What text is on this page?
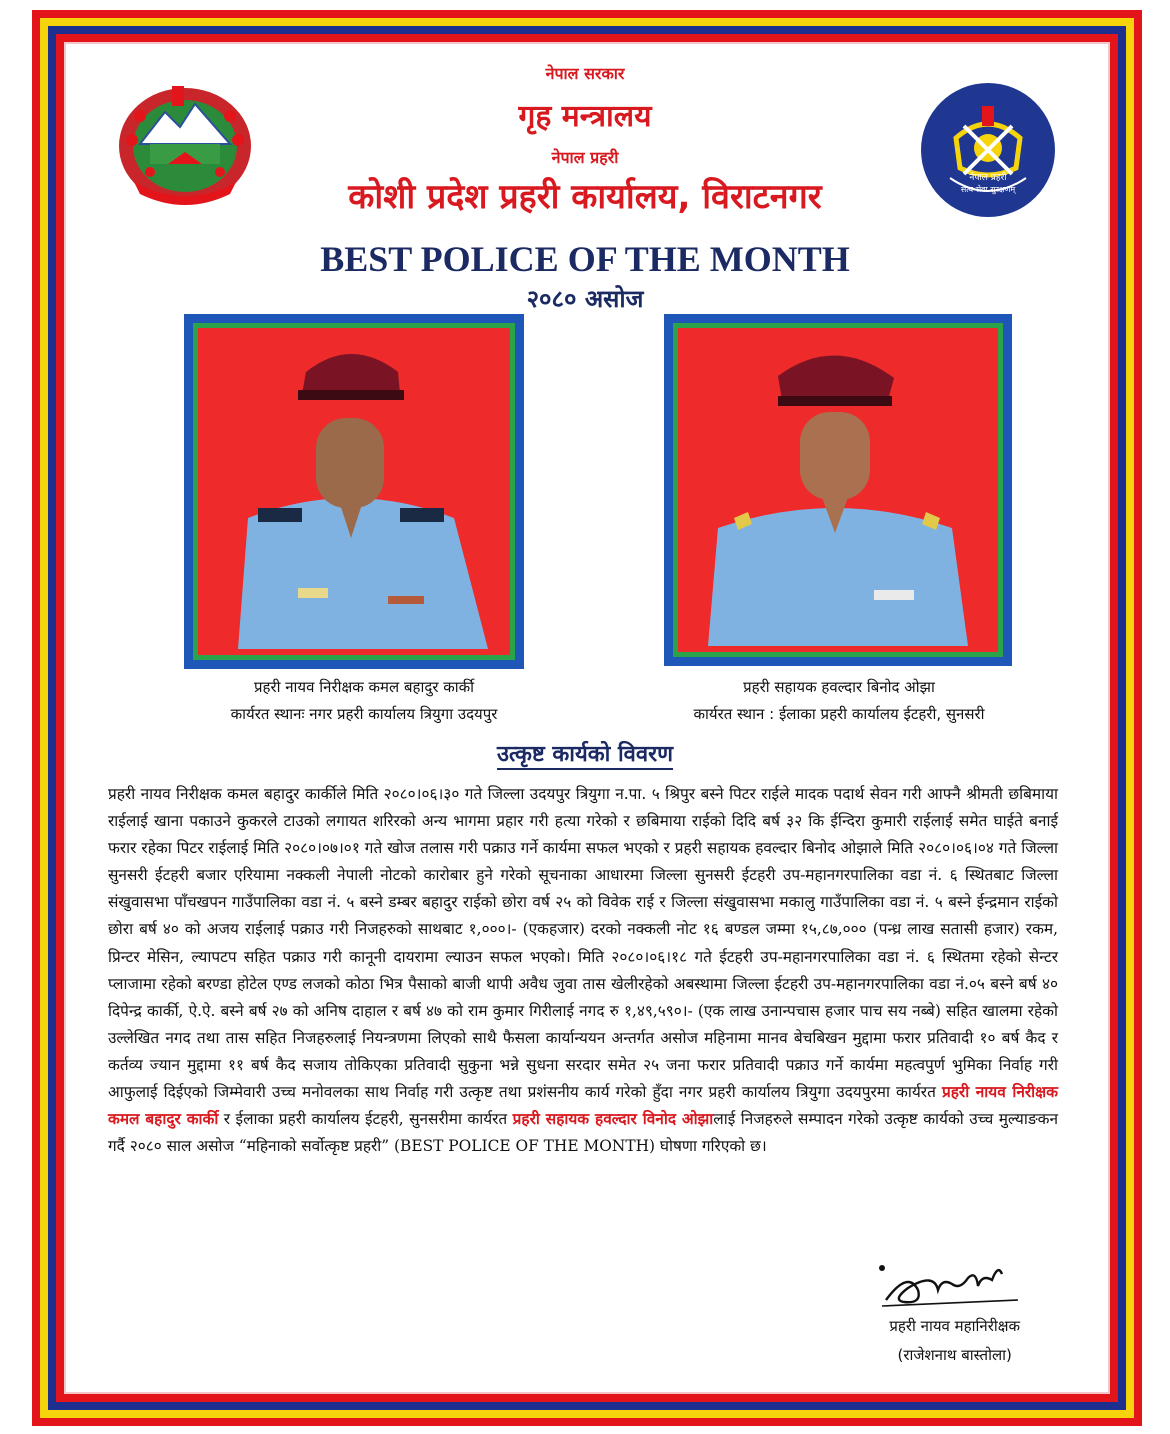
नेपाल प्रहरी
सत्य सेवा सुरक्षणम्
नेपाल सरकार
गृह मन्त्रालय
नेपाल प्रहरी
कोशी प्रदेश प्रहरी कार्यालय, विराटनगर
BEST POLICE OF THE MONTH
२०८० असोज
प्रहरी नायव निरीक्षक कमल बहादुर कार्की
कार्यरत स्थानः नगर प्रहरी कार्यालय त्रियुगा उदयपुर
प्रहरी सहायक हवल्दार बिनोद ओझा
कार्यरत स्थान : ईलाका प्रहरी कार्यालय ईटहरी, सुनसरी
उत्कृष्ट कार्यको विवरण
प्रहरी नायव निरीक्षक कमल बहादुर कार्कीले मिति २०८०।०६।३० गते जिल्ला उदयपुर त्रियुगा न.पा. ५ श्रिपुर बस्ने पिटर राईले मादक पदार्थ सेवन गरी आफ्नै श्रीमती छबिमाया राईलाई खाना पकाउने कुकरले टाउको लगायत शरिरको अन्य भागमा प्रहार गरी हत्या गरेको र छबिमाया राईको दिदि बर्ष ३२ कि ईन्दिरा कुमारी राईलाई समेत घाईते बनाई फरार रहेका पिटर राईलाई मिति २०८०।०७।०१ गते खोज तलास गरी पक्राउ गर्ने कार्यमा सफल भएको र प्रहरी सहायक हवल्दार बिनोद ओझाले मिति २०८०।०६।०४ गते जिल्ला सुनसरी ईटहरी बजार एरियामा नक्कली नेपाली नोटको कारोबार हुने गरेको सूचनाका आधारमा जिल्ला सुनसरी ईटहरी उप-महानगरपालिका वडा नं. ६ स्थितबाट जिल्ला संखुवासभा पाँचखपन गाउँपालिका वडा नं. ५ बस्ने डम्बर बहादुर राईको छोरा वर्ष २५ को विवेक राई र जिल्ला संखुवासभा मकालु गाउँपालिका वडा नं. ५ बस्ने ईन्द्रमान राईको छोरा बर्ष ४० को अजय राईलाई पक्राउ गरी निजहरुको साथबाट १,०००।- (एकहजार) दरको नक्कली नोट १६ बण्डल जम्मा १५,८७,००० (पन्ध्र लाख सतासी हजार) रकम, प्रिन्टर मेसिन, ल्यापटप सहित पक्राउ गरी कानूनी दायरामा ल्याउन सफल भएको। मिति २०८०।०६।१८ गते ईटहरी उप-महानगरपालिका वडा नं. ६ स्थितमा रहेको सेन्टर प्लाजामा रहेको बरण्डा होटेल एण्ड लजको कोठा भित्र पैसाको बाजी थापी अवैध जुवा तास खेलीरहेको अबस्थामा जिल्ला ईटहरी उप-महानगरपालिका वडा नं.०५ बस्ने बर्ष ४० दिपेन्द्र कार्की, ऐ.ऐ. बस्ने बर्ष २७ को अनिष दाहाल र बर्ष ४७ को राम कुमार गिरीलाई नगद रु १,४९,५९०।- (एक लाख उनान्पचास हजार पाच सय नब्बे) सहित खालमा रहेको उल्लेखित नगद तथा तास सहित निजहरुलाई नियन्त्रणमा लिएको साथै फैसला कार्यान्ययन अन्तर्गत असोज महिनामा मानव बेचबिखन मुद्दामा फरार प्रतिवादी १० बर्ष कैद र कर्तव्य ज्यान मुद्दामा ११ बर्ष कैद सजाय तोकिएका प्रतिवादी सुकुना भन्ने सुधना सरदार समेत २५ जना फरार प्रतिवादी पक्राउ गर्ने कार्यमा महत्वपुर्ण भुमिका निर्वाह गरी आफुलाई दिईएको जिम्मेवारी उच्च मनोवलका साथ निर्वाह गरी उत्कृष्ट तथा प्रशंसनीय कार्य गरेको हुँदा नगर प्रहरी कार्यालय त्रियुगा उदयपुरमा कार्यरत प्रहरी नायव निरीक्षक कमल बहादुर कार्की र ईलाका प्रहरी कार्यालय ईटहरी, सुनसरीमा कार्यरत प्रहरी सहायक हवल्दार विनोद ओझालाई निजहरुले सम्पादन गरेको उत्कृष्ट कार्यको उच्च मुल्याङकन गर्दै २०८० साल असोज “महिनाको सर्वोत्कृष्ट प्रहरी” (BEST POLICE OF THE MONTH) घोषणा गरिएको छ।
प्रहरी नायव महानिरीक्षक
(राजेशनाथ बास्तोला)
